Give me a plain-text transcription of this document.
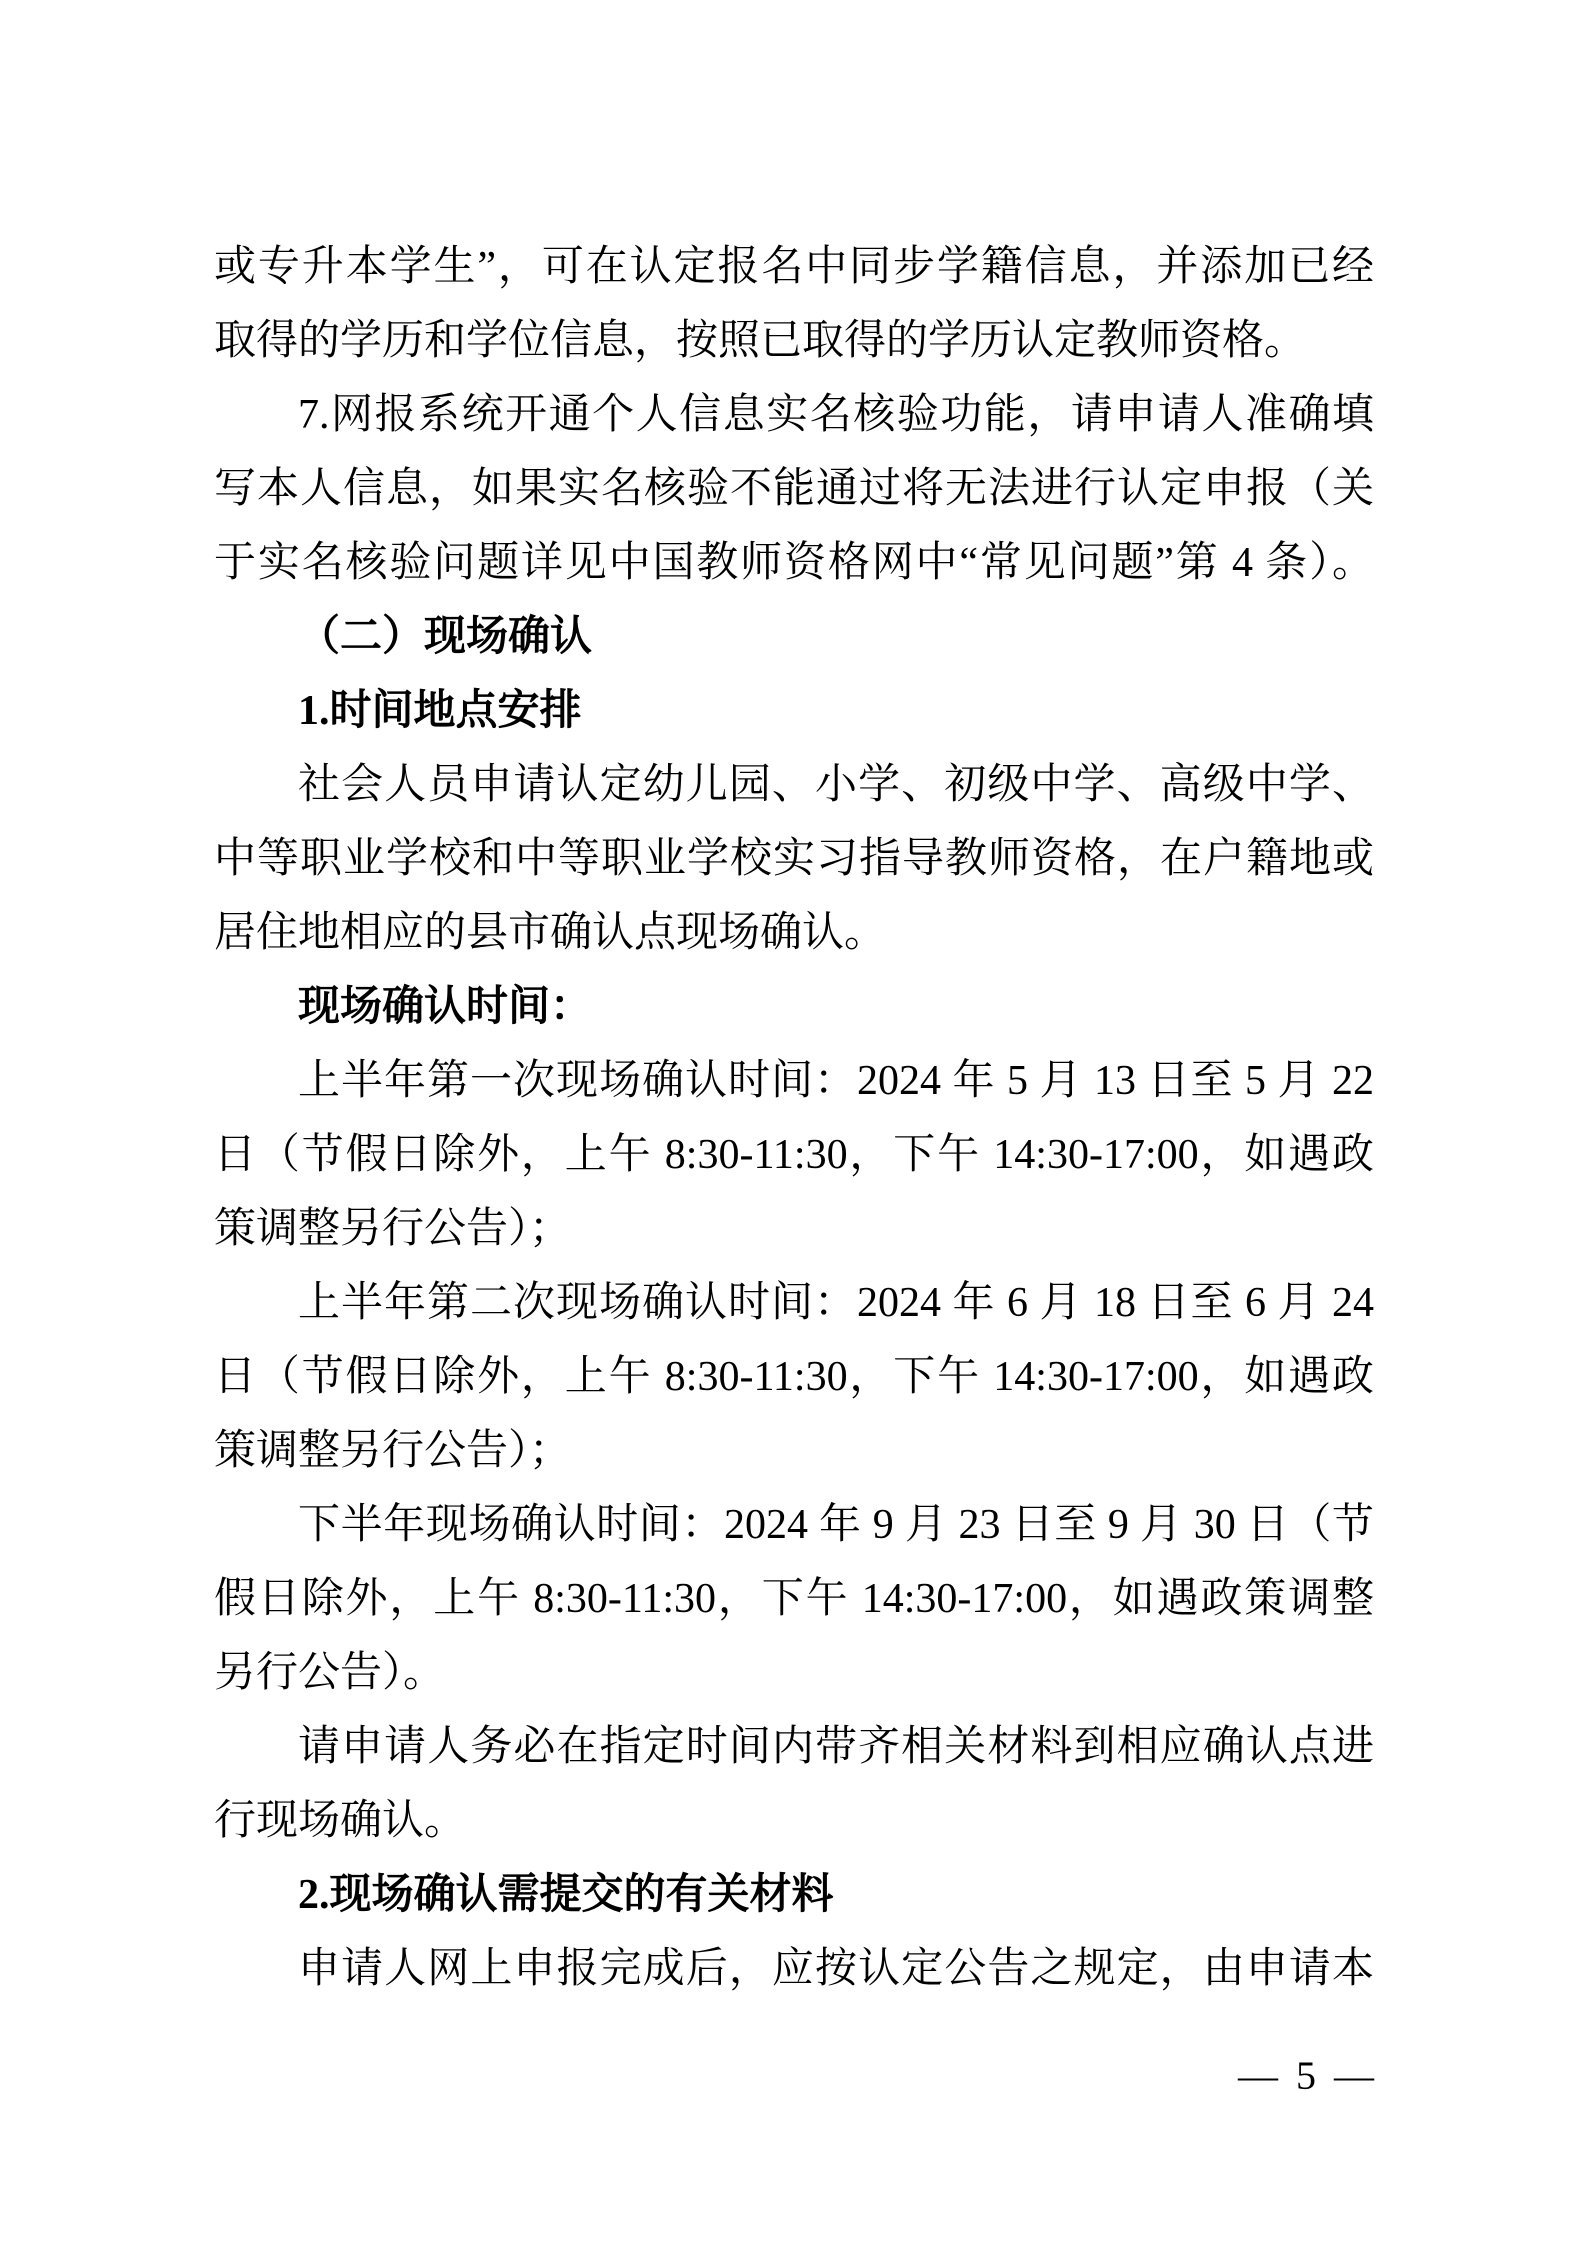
或专升本学生”，可在认定报名中同步学籍信息，并添加已经
取得的学历和学位信息，按照已取得的学历认定教师资格。
7.网报系统开通个人信息实名核验功能，请申请人准确填
写本人信息，如果实名核验不能通过将无法进行认定申报（关
于实名核验问题详见中国教师资格网中“常见问题”第 4 条）。
（二）现场确认
1.时间地点安排
社会人员申请认定幼儿园、小学、初级中学、高级中学、
中等职业学校和中等职业学校实习指导教师资格，在户籍地或
居住地相应的县市确认点现场确认。
现场确认时间：
上半年第一次现场确认时间：2024 年 5 月 13 日至 5 月 22
日（节假日除外，上午 8:30-11:30，下午 14:30-17:00，如遇政
策调整另行公告）；
上半年第二次现场确认时间：2024 年 6 月 18 日至 6 月 24
日（节假日除外，上午 8:30-11:30，下午 14:30-17:00，如遇政
策调整另行公告）；
下半年现场确认时间：2024 年 9 月 23 日至 9 月 30 日（节
假日除外，上午 8:30-11:30，下午 14:30-17:00，如遇政策调整
另行公告）。
请申请人务必在指定时间内带齐相关材料到相应确认点进
行现场确认。
2.现场确认需提交的有关材料
申请人网上申报完成后，应按认定公告之规定，由申请本
— 5 —
